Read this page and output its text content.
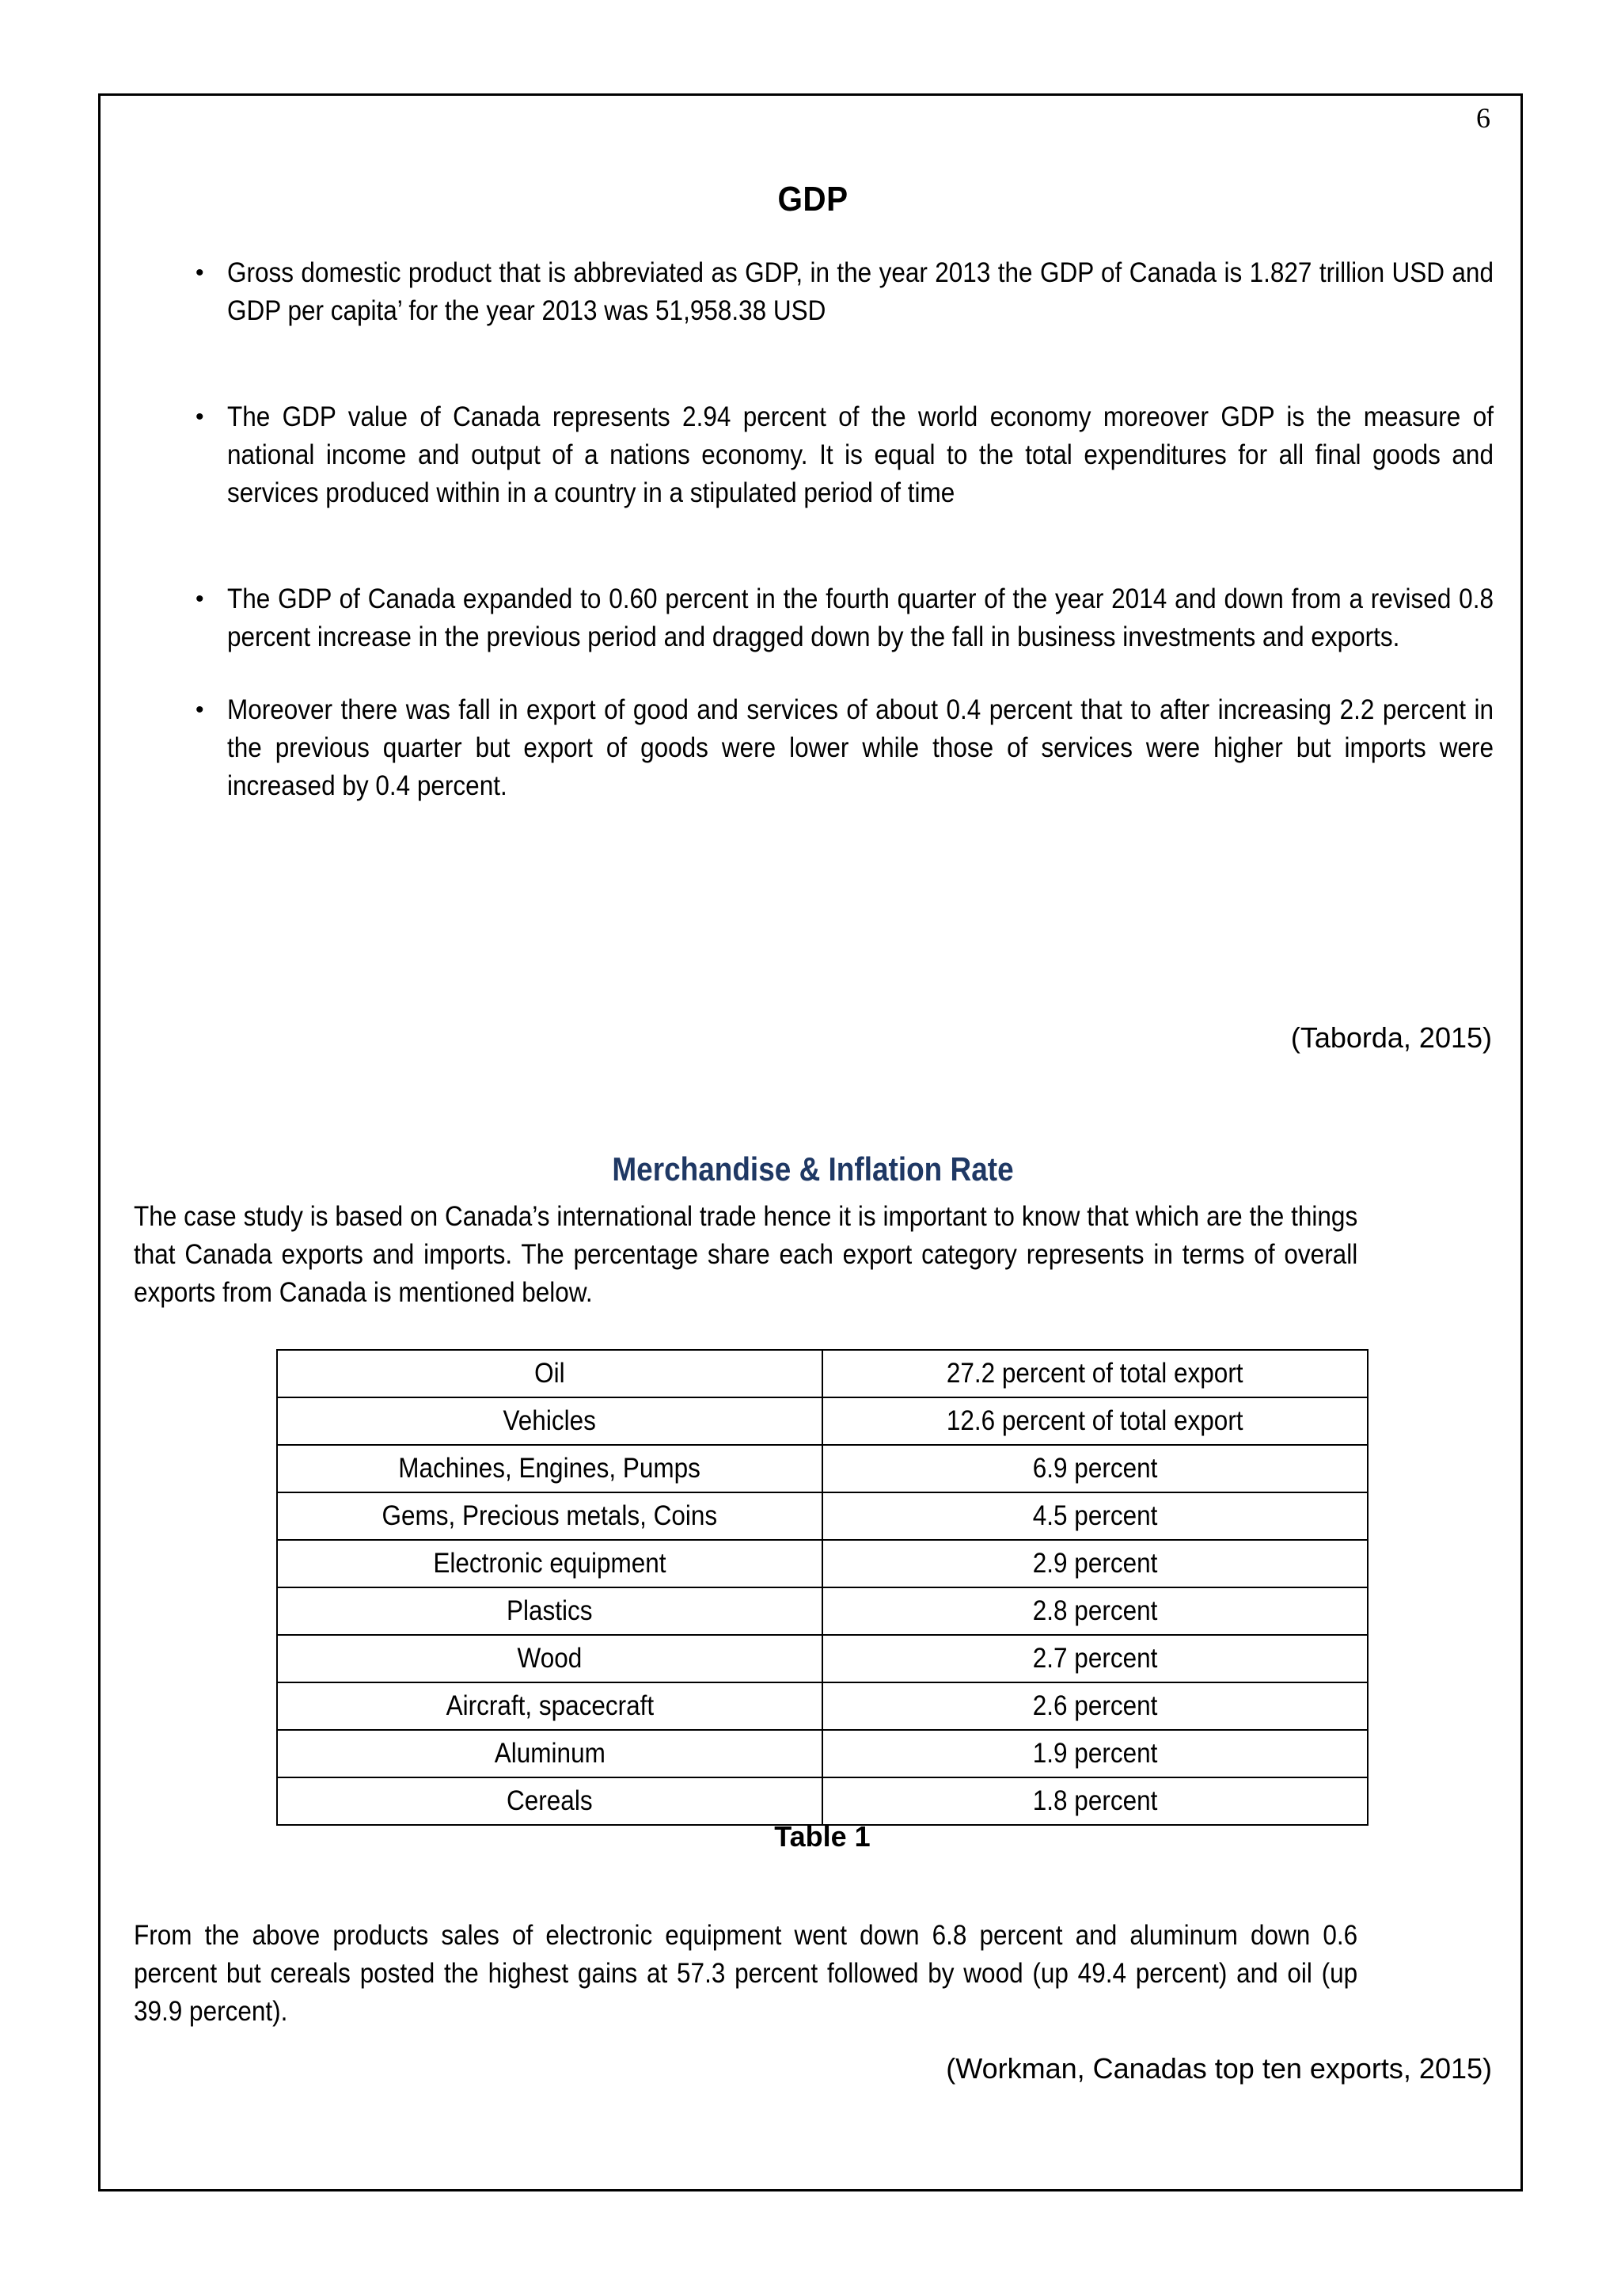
6
GDP
• Gross domestic product that is abbreviated as GDP, in the year 2013 the GDP of Canada is 1.827 trillion USD and GDP per capita’ for the year 2013 was 51,958.38 USD
• The GDP value of Canada represents 2.94 percent of the world economy moreover GDP is the measure of national income and output of a nations economy. It is equal to the total expenditures for all final goods and services produced within in a country in a stipulated period of time
• The GDP of Canada expanded to 0.60 percent in the fourth quarter of the year 2014 and down from a revised 0.8 percent increase in the previous period and dragged down by the fall in business investments and exports.
• Moreover there was fall in export of good and services of about 0.4 percent that to after increasing 2.2 percent in the previous quarter but export of goods were lower while those of services were higher but imports were increased by 0.4 percent.
(Taborda, 2015)
Merchandise & Inflation Rate
The case study is based on Canada’s international trade hence it is important to know that which are the things that Canada exports and imports. The percentage share each export category represents in terms of overall exports from Canada is mentioned below.
Oil	27.2 percent of total export
Vehicles	12.6 percent of total export
Machines, Engines, Pumps	6.9 percent
Gems, Precious metals, Coins	4.5 percent
Electronic equipment	2.9 percent
Plastics	2.8 percent
Wood	2.7 percent
Aircraft, spacecraft	2.6 percent
Aluminum	1.9 percent
Cereals	1.8 percent
Table 1
From the above products sales of electronic equipment went down 6.8 percent and aluminum down 0.6 percent but cereals posted the highest gains at 57.3 percent followed by wood (up 49.4 percent) and oil (up 39.9 percent).
(Workman, Canadas top ten exports, 2015)
